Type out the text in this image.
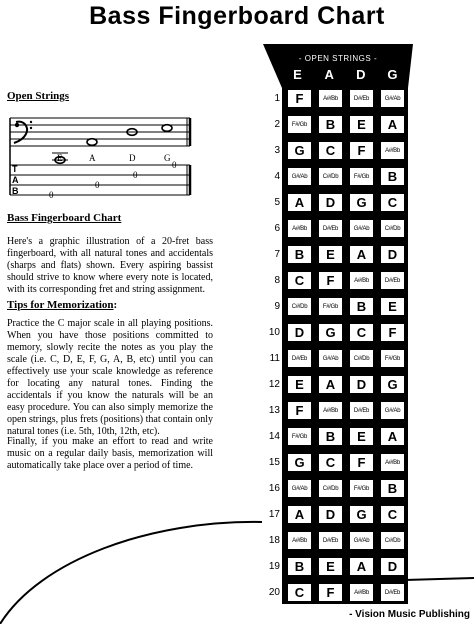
Bass Fingerboard Chart
Open Strings
E	A	D	G
T
A
B	0
0
0
0
Bass Fingerboard Chart

Here's a graphic illustration of a 20-fret bass fingerboard, with all natural tones and accidentals (sharps and flats) shown. Every aspiring bassist should strive to know where every note is located, with its corresponding fret and string assignment.

Tips for Memorization:

Practice the C major scale in all playing positions. When you have those positions committed to memory, slowly recite the notes as you play the scale (i.e. C, D, E, F, G, A, B, etc) until you can effectively use your scale knowledge as reference for locating any natural tones. Finding the accidentals if you know the naturals will be an easy procedure. You can also simply memorize the open strings, plus frets (positions) that contain only natural tones (i.e. 5th, 10th, 12th, etc).

Finally, if you make an effort to read and write music on a regular daily basis, memorization will automatically take place over a period of time.

- OPEN STRINGS -
E	A	D	G
1	F	A#/Bb	D#/Eb	G#/Ab
2	F#/Gb	B	E	A
3	G	C	F	A#/Bb
4	G#/Ab	C#/Db	F#/Gb	B
5	A	D	G	C
6	A#/Bb	D#/Eb	G#/Ab	C#/Db
7	B	E	A	D
8	C	F	A#/Bb	D#/Eb
9	C#/Db	F#/Gb	B	E
10	D	G	C	F
11	D#/Eb	G#/Ab	C#/Db	F#/Gb
12	E	A	D	G
13	F	A#/Bb	D#/Eb	G#/Ab
14	F#/Gb	B	E	A
15	G	C	F	A#/Bb
16	G#/Ab	C#/Db	F#/Gb	B
17	A	D	G	C
18	A#/Bb	D#/Eb	G#/Ab	C#/Db
19	B	E	A	D
20	C	F	A#/Bb	D#/Eb
- Vision Music Publishing
